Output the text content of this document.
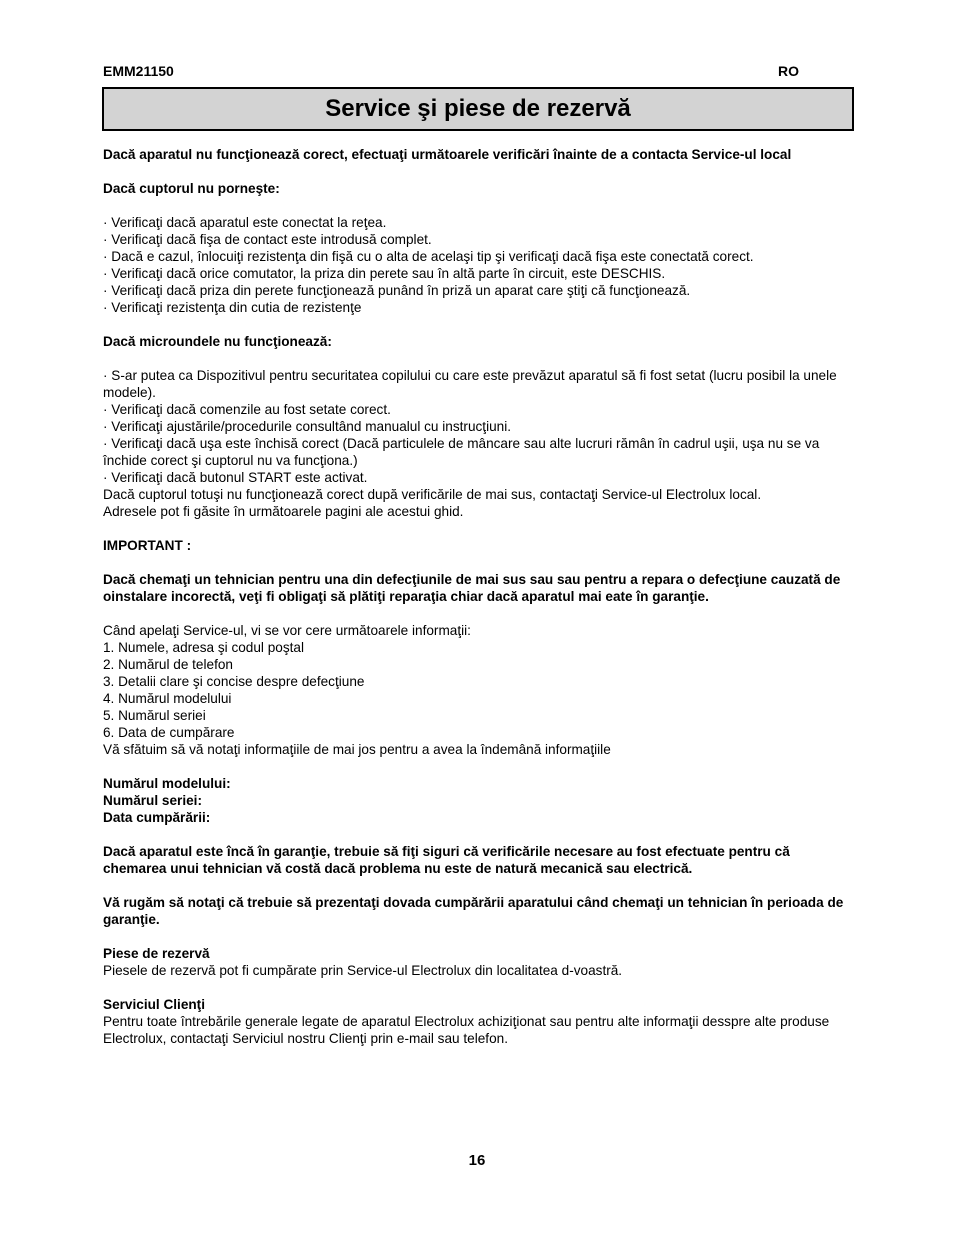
EMM21150	RO
Service şi piese de rezervă

Dacă aparatul nu funcţionează corect, efectuaţi următoarele verificări înainte de a contacta Service-ul local

Dacă cuptorul nu porneşte:

· Verificaţi dacă aparatul este conectat la reţea.

· Verificaţi dacă fişa de contact este introdusă complet.

· Dacă e cazul, înlocuiţi rezistenţa din fişă cu o alta de acelaşi tip şi verificaţi dacă fişa este conectată corect.

· Verificaţi dacă orice comutator, la priza din perete sau în altă parte în circuit, este DESCHIS.

· Verificaţi dacă priza din perete funcţionează punând în priză un aparat care ştiţi că funcţionează.

· Verificaţi rezistenţa din cutia de rezistenţe

Dacă microundele nu funcţionează:

· S-ar putea ca Dispozitivul pentru securitatea copilului cu care este prevăzut aparatul să fi fost setat (lucru posibil la unele modele).

· Verificaţi dacă comenzile au fost setate corect.

· Verificaţi ajustările/procedurile consultând manualul cu instrucţiuni.

· Verificaţi dacă uşa este închisă corect (Dacă particulele de mâncare sau alte lucruri rămân în cadrul uşii, uşa nu se va închide corect şi cuptorul nu va funcţiona.)

· Verificaţi dacă butonul START este activat.

Dacă cuptorul totuşi nu funcţionează corect după verificările de mai sus, contactaţi Service-ul Electrolux local.

Adresele pot fi găsite în următoarele pagini ale acestui ghid.

IMPORTANT :

Dacă chemaţi un tehnician pentru una din defecţiunile de mai sus sau sau pentru a repara o defecţiune cauzată de oinstalare incorectă, veţi fi obligaţi să plătiţi reparaţia chiar dacă aparatul mai eate în garanţie.

Când apelaţi Service-ul, vi se vor cere următoarele informaţii:

1. Numele, adresa şi codul poştal

2. Numărul de telefon

3. Detalii clare şi concise despre defecţiune

4. Numărul modelului

5. Numărul seriei

6. Data de cumpărare

Vă sfătuim să vă notaţi informaţiile de mai jos pentru a avea la îndemână informaţiile

Numărul modelului:

Numărul seriei:

Data cumpărării:

Dacă aparatul este încă în garanţie, trebuie să fiţi siguri că verificările necesare au fost efectuate pentru că chemarea unui tehnician vă costă dacă problema nu este de natură mecanică sau electrică.

Vă rugăm să notaţi că trebuie să prezentaţi dovada cumpărării aparatului când chemaţi un tehnician în perioada de garanţie.

Piese de rezervă

Piesele de rezervă pot fi cumpărate prin Service-ul Electrolux din localitatea d-voastră.

Serviciul Clienţi

Pentru toate întrebările generale legate de aparatul Electrolux achiziţionat sau pentru alte informaţii desspre alte produse Electrolux, contactaţi Serviciul nostru Clienţi prin e-mail sau telefon.

16
